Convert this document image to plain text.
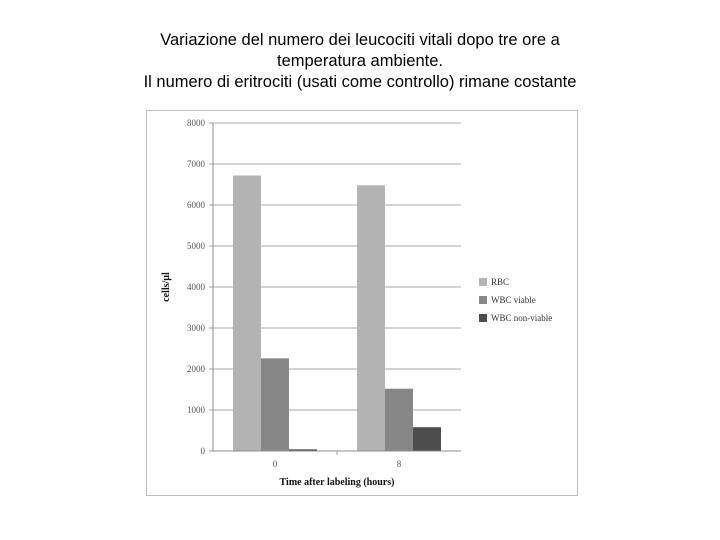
Variazione del numero dei leucociti vitali dopo tre ore a
temperatura ambiente.
Il numero di eritrociti (usati come controllo) rimane costante
0
1000
2000
3000
4000
5000
6000
7000
8000
0	8
Time after labeling (hours)
cells/µl	RBC
WBC viable
WBC non-viable
